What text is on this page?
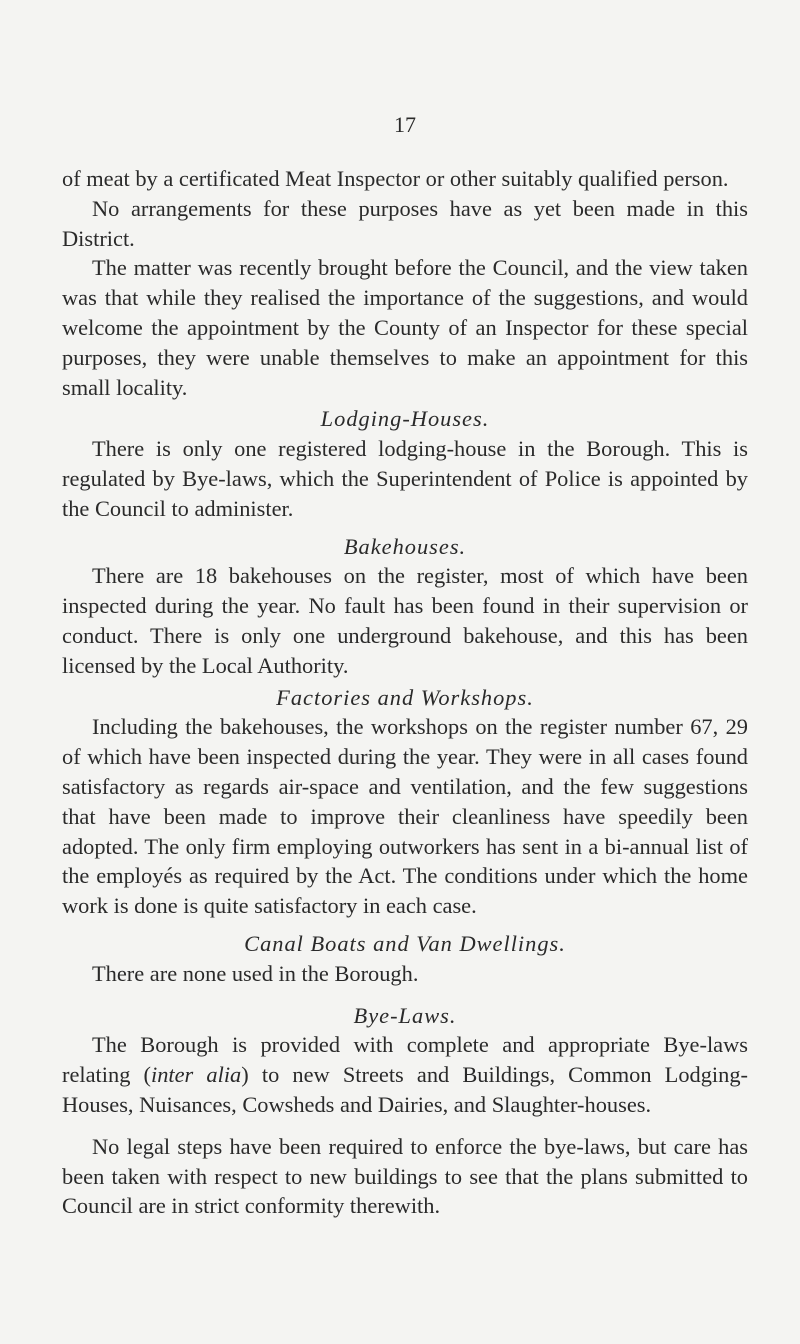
17

of meat by a certificated Meat Inspector or other suitably qualified person.

No arrangements for these purposes have as yet been made in this District.

The matter was recently brought before the Council, and the view taken was that while they realised the importance of the suggestions, and would welcome the appointment by the County of an Inspector for these special purposes, they were unable themselves to make an appointment for this small locality.

Lodging-Houses.

There is only one registered lodging-house in the Borough. This is regulated by Bye-laws, which the Superintendent of Police is appointed by the Council to administer.

Bakehouses.

There are 18 bakehouses on the register, most of which have been inspected during the year. No fault has been found in their supervision or conduct. There is only one underground bakehouse, and this has been licensed by the Local Authority.

Factories and Workshops.

Including the bakehouses, the workshops on the register number 67, 29 of which have been inspected during the year. They were in all cases found satisfactory as regards air-space and ventilation, and the few suggestions that have been made to improve their cleanliness have speedily been adopted. The only firm employing outworkers has sent in a bi-annual list of the employés as required by the Act. The conditions under which the home work is done is quite satisfactory in each case.

Canal Boats and Van Dwellings.

There are none used in the Borough.

Bye-Laws.

The Borough is provided with complete and appropriate Bye-laws relating (inter alia) to new Streets and Buildings, Common Lodging-Houses, Nuisances, Cowsheds and Dairies, and Slaughter-houses.

No legal steps have been required to enforce the bye-laws, but care has been taken with respect to new buildings to see that the plans submitted to Council are in strict conformity therewith.
